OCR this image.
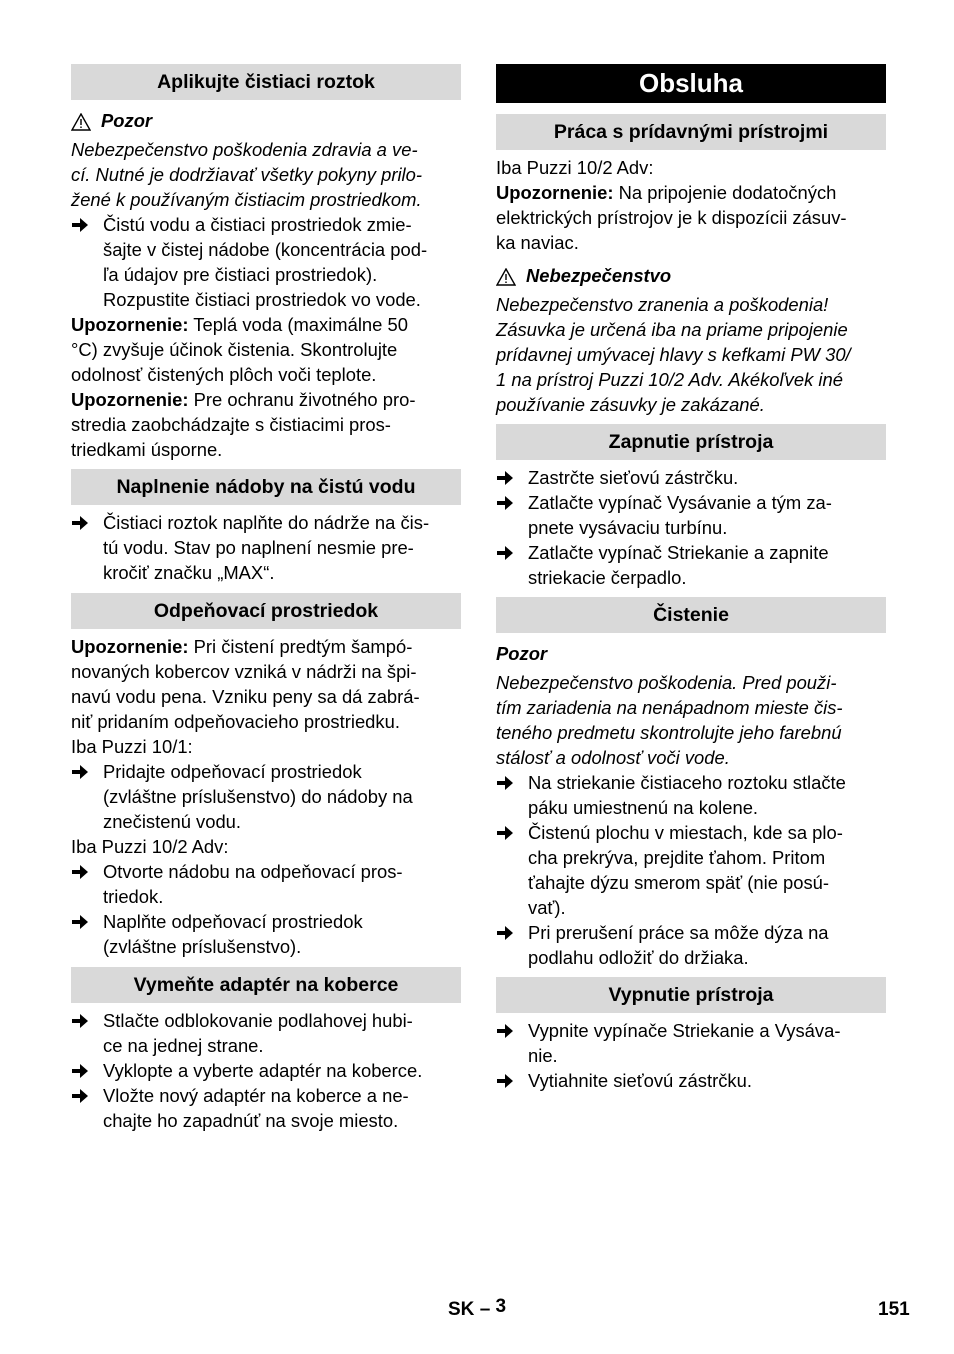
Aplikujte čistiaci roztok
Pozor

Nebezpečenstvo poškodenia zdravia a ve-
cí. Nutné je dodržiavať všetky pokyny prilo-
žené k používaným čistiacim prostriedkom.

Čistú vodu a čistiaci prostriedok zmie-
šajte v čistej nádobe (koncentrácia pod-
ľa údajov pre čistiaci prostriedok).
Rozpustite čistiaci prostriedok vo vode.

Upozornenie: Teplá voda (maximálne 50
°C) zvyšuje účinok čistenia. Skontrolujte
odolnosť čistených plôch voči teplote.

Upozornenie: Pre ochranu životného pro-
stredia zaobchádzajte s čistiacimi pros-
triedkami úsporne.

Naplnenie nádoby na čistú vodu
Čistiaci roztok naplňte do nádrže na čis-
tú vodu. Stav po naplnení nesmie pre-
kročiť značku „MAX“.
Odpeňovací prostriedok

Upozornenie: Pri čistení predtým šampó-
novaných kobercov vzniká v nádrži na špi-
navú vodu pena. Vzniku peny sa dá zabrá-
niť pridaním odpeňovacieho prostriedku.

Iba Puzzi 10/1:

Pridajte odpeňovací prostriedok
(zvláštne príslušenstvo) do nádoby na
znečistenú vodu.

Iba Puzzi 10/2 Adv:

Otvorte nádobu na odpeňovací pros-
triedok.
Naplňte odpeňovací prostriedok
(zvláštne príslušenstvo).
Vymeňte adaptér na koberce
Stlačte odblokovanie podlahovej hubi-
ce na jednej strane.
Vyklopte a vyberte adaptér na koberce.
Vložte nový adaptér na koberce a ne-
chajte ho zapadnúť na svoje miesto.
Obsluha
Práca s prídavnými prístrojmi

Iba Puzzi 10/2 Adv:

Upozornenie: Na pripojenie dodatočných
elektrických prístrojov je k dispozícii zásuv-
ka naviac.

Nebezpečenstvo

Nebezpečenstvo zranenia a poškodenia!
Zásuvka je určená iba na priame pripojenie
prídavnej umývacej hlavy s kefkami PW 30/
1 na prístroj Puzzi 10/2 Adv. Akékoľvek iné
používanie zásuvky je zakázané.

Zapnutie prístroja
Zastrčte sieťovú zástrčku.
Zatlačte vypínač Vysávanie a tým za-
pnete vysávaciu turbínu.
Zatlačte vypínač Striekanie a zapnite
striekacie čerpadlo.
Čistenie
Pozor

Nebezpečenstvo poškodenia. Pred použi-
tím zariadenia na nenápadnom mieste čis-
teného predmetu skontrolujte jeho farebnú
stálosť a odolnosť voči vode.

Na striekanie čistiaceho roztoku stlačte
páku umiestnenú na kolene.
Čistenú plochu v miestach, kde sa plo-
cha prekrýva, prejdite ťahom. Pritom
ťahajte dýzu smerom späť (nie posú-
vať).
Pri prerušení práce sa môže dýza na
podlahu odložiť do držiaka.
Vypnutie prístroja
Vypnite vypínače Striekanie a Vysáva-
nie.
Vytiahnite sieťovú zástrčku.
SK – 3	151
